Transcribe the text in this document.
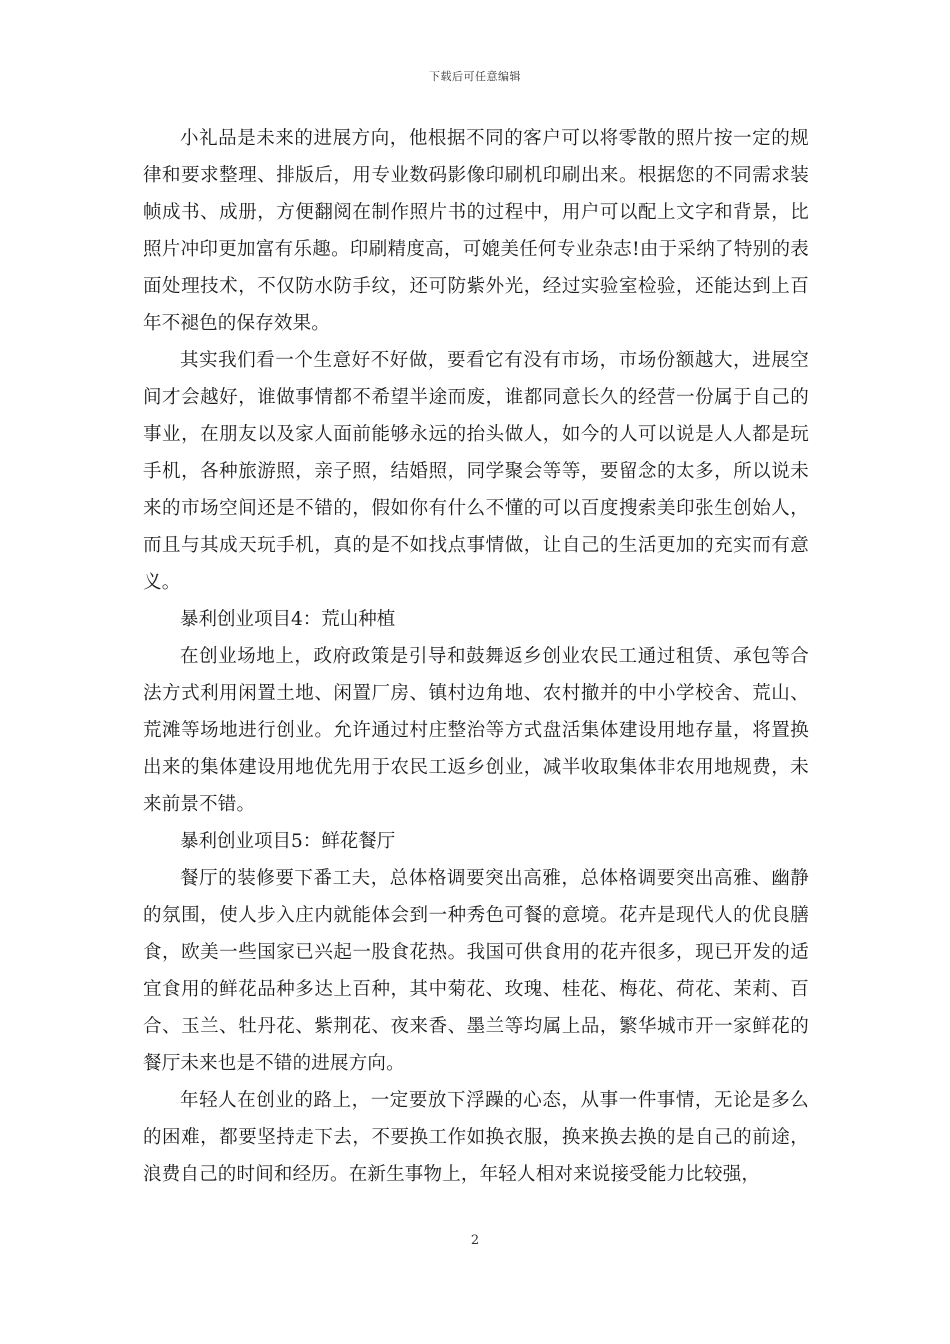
下载后可任意编辑

小礼品是未来的进展方向，他根据不同的客户可以将零散的照片按一定的规律和要求整理、排版后，用专业数码影像印刷机印刷出来。根据您的不同需求装帧成书、成册，方便翻阅在制作照片书的过程中，用户可以配上文字和背景，比照片冲印更加富有乐趣。印刷精度高，可媲美任何专业杂志!由于采纳了特别的表面处理技术，不仅防水防手纹，还可防紫外光，经过实验室检验，还能达到上百年不褪色的保存效果。

其实我们看一个生意好不好做，要看它有没有市场，市场份额越大，进展空间才会越好，谁做事情都不希望半途而废，谁都同意长久的经营一份属于自己的事业，在朋友以及家人面前能够永远的抬头做人，如今的人可以说是人人都是玩手机，各种旅游照，亲子照，结婚照，同学聚会等等，要留念的太多，所以说未来的市场空间还是不错的，假如你有什么不懂的可以百度搜索美印张生创始人，而且与其成天玩手机，真的是不如找点事情做，让自己的生活更加的充实而有意义。

暴利创业项目4：荒山种植

在创业场地上，政府政策是引导和鼓舞返乡创业农民工通过租赁、承包等合法方式利用闲置土地、闲置厂房、镇村边角地、农村撤并的中小学校舍、荒山、荒滩等场地进行创业。允许通过村庄整治等方式盘活集体建设用地存量，将置换出来的集体建设用地优先用于农民工返乡创业，减半收取集体非农用地规费，未来前景不错。

暴利创业项目5：鲜花餐厅

餐厅的装修要下番工夫，总体格调要突出高雅，总体格调要突出高雅、幽静的氛围，使人步入庄内就能体会到一种秀色可餐的意境。花卉是现代人的优良膳食，欧美一些国家已兴起一股食花热。我国可供食用的花卉很多，现已开发的适宜食用的鲜花品种多达上百种，其中菊花、玫瑰、桂花、梅花、荷花、茉莉、百合、玉兰、牡丹花、紫荆花、夜来香、墨兰等均属上品，繁华城市开一家鲜花的餐厅未来也是不错的进展方向。

年轻人在创业的路上，一定要放下浮躁的心态，从事一件事情，无论是多么的困难，都要坚持走下去，不要换工作如换衣服，换来换去换的是自己的前途，浪费自己的时间和经历。在新生事物上，年轻人相对来说接受能力比较强，

2
